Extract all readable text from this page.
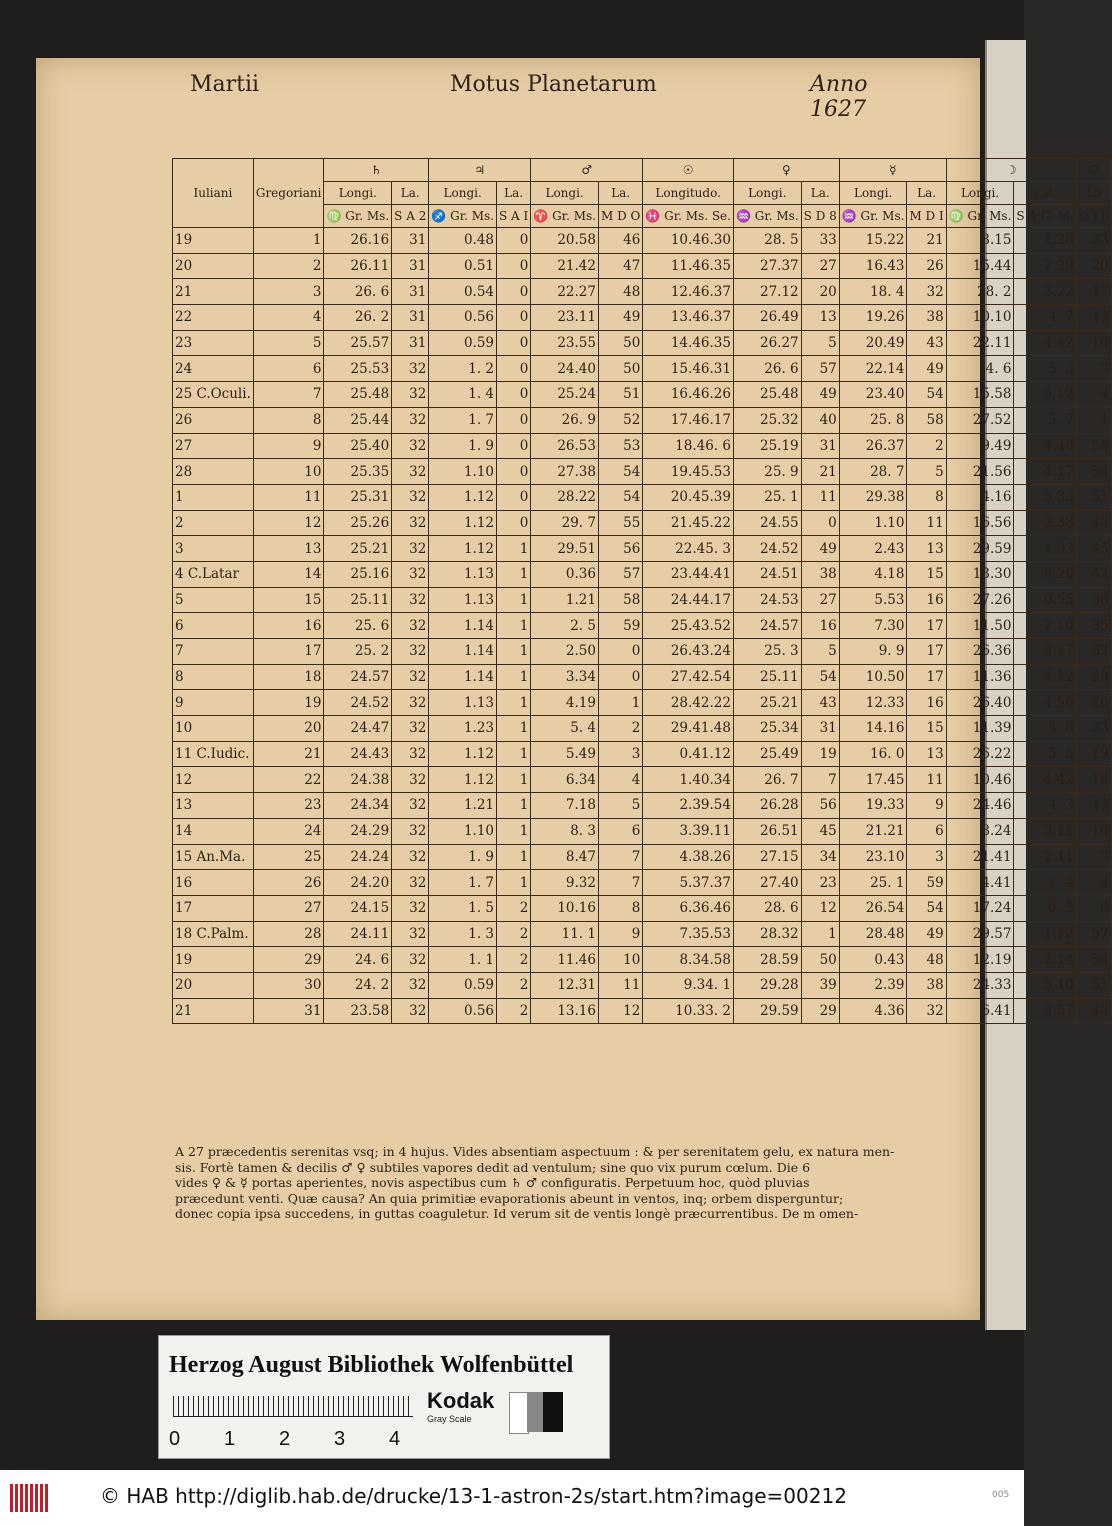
Martii	Motus Planetarum	Anno 1627
Iuliani	Gregoriani	♄		♃		♂		☉	♀		☿		☽		☊
		Longi.	La.	Longi.	La.	Longi.	La.	Longitudo.	Longi.	La.	Longi.	La.	Longi.	Lat.	Lō
		♍ Gr. Ms.	S A 2	♐ Gr. Ms.	S A I	♈ Gr. Ms.	M D O	♓ Gr. Ms. Se.	♒ Gr. Ms.	S D 8	♒ Gr. Ms.	M D I	♍ Gr. Ms.	S A G. M.	Ω I 6
19	1	26.16	31	0.48	0	20.58	46	10.46.30	28. 5	33	15.22	21	3.15	1.28	23
20	2	26.11	31	0.51	0	21.42	47	11.46.35	27.37	27	16.43	26	15.44	2.29	20
21	3	26. 6	31	0.54	0	22.27	48	12.46.37	27.12	20	18. 4	32	28. 2	3.22	17
22	4	26. 2	31	0.56	0	23.11	49	13.46.37	26.49	13	19.26	38	10.10	4. 7	13
23	5	25.57	31	0.59	0	23.55	50	14.46.35	26.27	5	20.49	43	22.11	4.42	10
24	6	25.53	32	1. 2	0	24.40	50	15.46.31	26. 6	57	22.14	49	4. 6	5. 3	7
25 C.Oculi.	7	25.48	32	1. 4	0	25.24	51	16.46.26	25.48	49	23.40	54	15.58	5.12	4
26	8	25.44	32	1. 7	0	26. 9	52	17.46.17	25.32	40	25. 8	58	27.52	5. 7	1
27	9	25.40	32	1. 9	0	26.53	53	18.46. 6	25.19	31	26.37	2	9.49	4.48	58
28	10	25.35	32	1.10	0	27.38	54	19.45.53	25. 9	21	28. 7	5	21.56	4.17	54
1	11	25.31	32	1.12	0	28.22	54	20.45.39	25. 1	11	29.38	8	4.16	3.33	51
2	12	25.26	32	1.12	0	29. 7	55	21.45.22	24.55	0	1.10	11	16.56	2.38	48
3	13	25.21	32	1.12	1	29.51	56	22.45. 3	24.52	49	2.43	13	29.59	1.33	45
4 C.Latar	14	25.16	32	1.13	1	0.36	57	23.44.41	24.51	38	4.18	15	13.30	0.20	42
5	15	25.11	32	1.13	1	1.21	58	24.44.17	24.53	27	5.53	16	27.26	0.55	38
6	16	25. 6	32	1.14	1	2. 5	59	25.43.52	24.57	16	7.30	17	11.50	2.10	35
7	17	25. 2	32	1.14	1	2.50	0	26.43.24	25. 3	5	9. 9	17	26.36	3.17	32
8	18	24.57	32	1.14	1	3.34	0	27.42.54	25.11	54	10.50	17	11.36	4.12	29
9	19	24.52	32	1.13	1	4.19	1	28.42.22	25.21	43	12.33	16	26.40	4.50	26
10	20	24.47	32	1.23	1	5. 4	2	29.41.48	25.34	31	14.16	15	11.39	5. 8	23
11 C.Iudic.	21	24.43	32	1.12	1	5.49	3	0.41.12	25.49	19	16. 0	13	26.22	5. 5	19
12	22	24.38	32	1.12	1	6.34	4	1.40.34	26. 7	7	17.45	11	10.46	4.42	16
13	23	24.34	32	1.21	1	7.18	5	2.39.54	26.28	56	19.33	9	24.46	4. 3	13
14	24	24.29	32	1.10	1	8. 3	6	3.39.11	26.51	45	21.21	6	8.24	3.11	10
15 An.Ma.	25	24.24	32	1. 9	1	8.47	7	4.38.26	27.15	34	23.10	3	21.41	2.11	7
16	26	24.20	32	1. 7	1	9.32	7	5.37.37	27.40	23	25. 1	59	4.41	1. 4	4
17	27	24.15	32	1. 5	2	10.16	8	6.36.46	28. 6	12	26.54	54	17.24	0. 5	0
18 C.Palm.	28	24.11	32	1. 3	2	11. 1	9	7.35.53	28.32	1	28.48	49	29.57	1.12	57
19	29	24. 6	32	1. 1	2	11.46	10	8.34.58	28.59	50	0.43	48	12.19	2.14	54
20	30	24. 2	32	0.59	2	12.31	11	9.34. 1	29.28	39	2.39	38	24.33	3.10	51
21	31	23.58	32	0.56	2	13.16	12	10.33. 2	29.59	29	4.36	32	6.41	3.57	48
A 27 præcedentis serenitas vsq; in 4 hujus. Vides absentiam aspectuum : & per serenitatem gelu, ex natura men-
sis. Fortè tamen & decilis ♂ ♀ subtiles vapores dedit ad ventulum; sine quo vix purum cœlum. Die 6
vides ♀ & ☿ portas aperientes, novis aspectibus cum ♄ ♂ configuratis. Perpetuum hoc, quòd pluvias
præcedunt venti. Quæ causa? An quia primitiæ evaporationis abeunt in ventos, inq; orbem disperguntur;
donec copia ipsa succedens, in guttas coaguletur. Id verum sit de ventis longè præcurrentibus. De m omen-
Herzog August Bibliothek Wolfenbüttel
0 1 2 3 4
Kodak
Gray Scale
© HAB http://diglib.hab.de/drucke/13-1-astron-2s/start.htm?image=00212	005
